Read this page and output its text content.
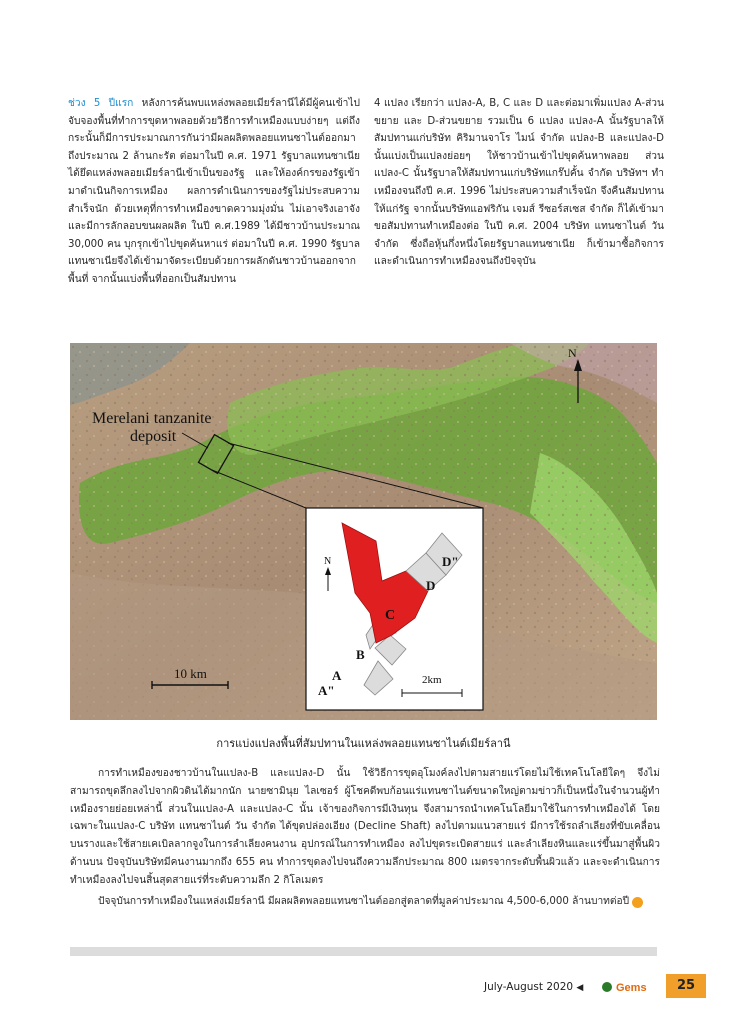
ช่วง 5 ปีแรก หลังการค้นพบแหล่งพลอยเมียร์ลานีได้มีผู้คนเข้าไปจับจองพื้นที่ทำการขุดหาพลอยด้วยวิธีการทำเหมืองแบบง่ายๆ แต่ถึงกระนั้นก็มีการประมาณการกันว่ามีผลผลิตพลอยแทนซาไนต์ออกมาถึงประมาณ 2 ล้านกะรัต ต่อมาในปี ค.ศ. 1971 รัฐบาลแทนซาเนียได้ยึดแหล่งพลอยเมียร์ลานีเข้าเป็นของรัฐ และให้องค์กรของรัฐเข้ามาดำเนินกิจการเหมือง ผลการดำเนินการของรัฐไม่ประสบความสำเร็จนัก ด้วยเหตุที่การทำเหมืองขาดความมุ่งมั่น ไม่เอาจริงเอาจังและมีการลักลอบขนผลผลิต ในปี ค.ศ.1989 ได้มีชาวบ้านประมาณ 30,000 คน บุกรุกเข้าไปขุดค้นหาแร่ ต่อมาในปี ค.ศ. 1990 รัฐบาลแทนซาเนียจึงได้เข้ามาจัดระเบียบด้วยการผลักดันชาวบ้านออกจากพื้นที่ จากนั้นแบ่งพื้นที่ออกเป็นสัมปทาน

4 แปลง เรียกว่า แปลง-A, B, C และ D และต่อมาเพิ่มแปลง A-ส่วนขยาย และ D-ส่วนขยาย รวมเป็น 6 แปลง แปลง-A นั้นรัฐบาลให้สัมปทานแก่บริษัท คิริมานจาโร ไมน์ จำกัด แปลง-B และแปลง-D นั้นแบ่งเป็นแปลงย่อยๆ ให้ชาวบ้านเข้าไปขุดค้นหาพลอย ส่วนแปลง-C นั้นรัฐบาลให้สัมปทานแก่บริษัทแกร๊ปคั้น จำกัด บริษัทฯ ทำเหมืองจนถึงปี ค.ศ. 1996 ไม่ประสบความสำเร็จนัก จึงคืนสัมปทานให้แก่รัฐ จากนั้นบริษัทแอฟริกัน เจมส์ รีซอร์สเซส จำกัด ก็ได้เข้ามาขอสัมปทานทำเหมืองต่อ ในปี ค.ศ. 2004 บริษัท แทนซาไนต์ วัน จำกัด ซึ่งถือหุ้นกึ่งหนึ่งโดยรัฐบาลแทนซาเนีย ก็เข้ามาซื้อกิจการและดำเนินการทำเหมืองจนถึงปัจจุบัน

Merelani tanzanite
deposit
N
10 km
A"
A
B
C
D
D"
N
2km
การแบ่งแปลงพื้นที่สัมปทานในแหล่งพลอยแทนซาไนต์เมียร์ลานี

การทำเหมืองของชาวบ้านในแปลง-B และแปลง-D นั้น ใช้วิธีการขุดอุโมงค์ลงไปตามสายแร่โดยไม่ใช้เทคโนโลยีใดๆ จึงไม่สามารถขุดลึกลงไปจากผิวดินได้มากนัก นายซามินุย ไลเซอร์ ผู้โชคดีพบก้อนแร่แทนซาไนต์ขนาดใหญ่ตามข่าวก็เป็นหนึ่งในจำนวนผู้ทำเหมืองรายย่อยเหล่านี้ ส่วนในแปลง-A และแปลง-C นั้น เจ้าของกิจการมีเงินทุน จึงสามารถนำเทคโนโลยีมาใช้ในการทำเหมืองได้ โดยเฉพาะในแปลง-C บริษัท แทนซาไนต์ วัน จำกัด ได้ขุดปล่องเอียง (Decline Shaft) ลงไปตามแนวสายแร่ มีการใช้รถลำเลียงที่ขับเคลื่อนบนรางและใช้สายเคเบิลลากจูงในการลำเลียงคนงาน อุปกรณ์ในการทำเหมือง ลงไปขุดระเบิดสายแร่ และลำเลียงหินและแร่ขึ้นมาสู่พื้นผิวด้านบน ปัจจุบันบริษัทมีคนงานมากถึง 655 คน ทำการขุดลงไปจนถึงความลึกประมาณ 800 เมตรจากระดับพื้นผิวแล้ว และจะดำเนินการทำเหมืองลงไปจนสิ้นสุดสายแร่ที่ระดับความลึก 2 กิโลเมตร

ปัจจุบันการทำเหมืองในแหล่งเมียร์ลานี มีผลผลิตพลอยแทนซาไนต์ออกสู่ตลาดที่มูลค่าประมาณ 4,500-6,000 ล้านบาทต่อปี	➋

July-August 2020 ◀	Gems	25
